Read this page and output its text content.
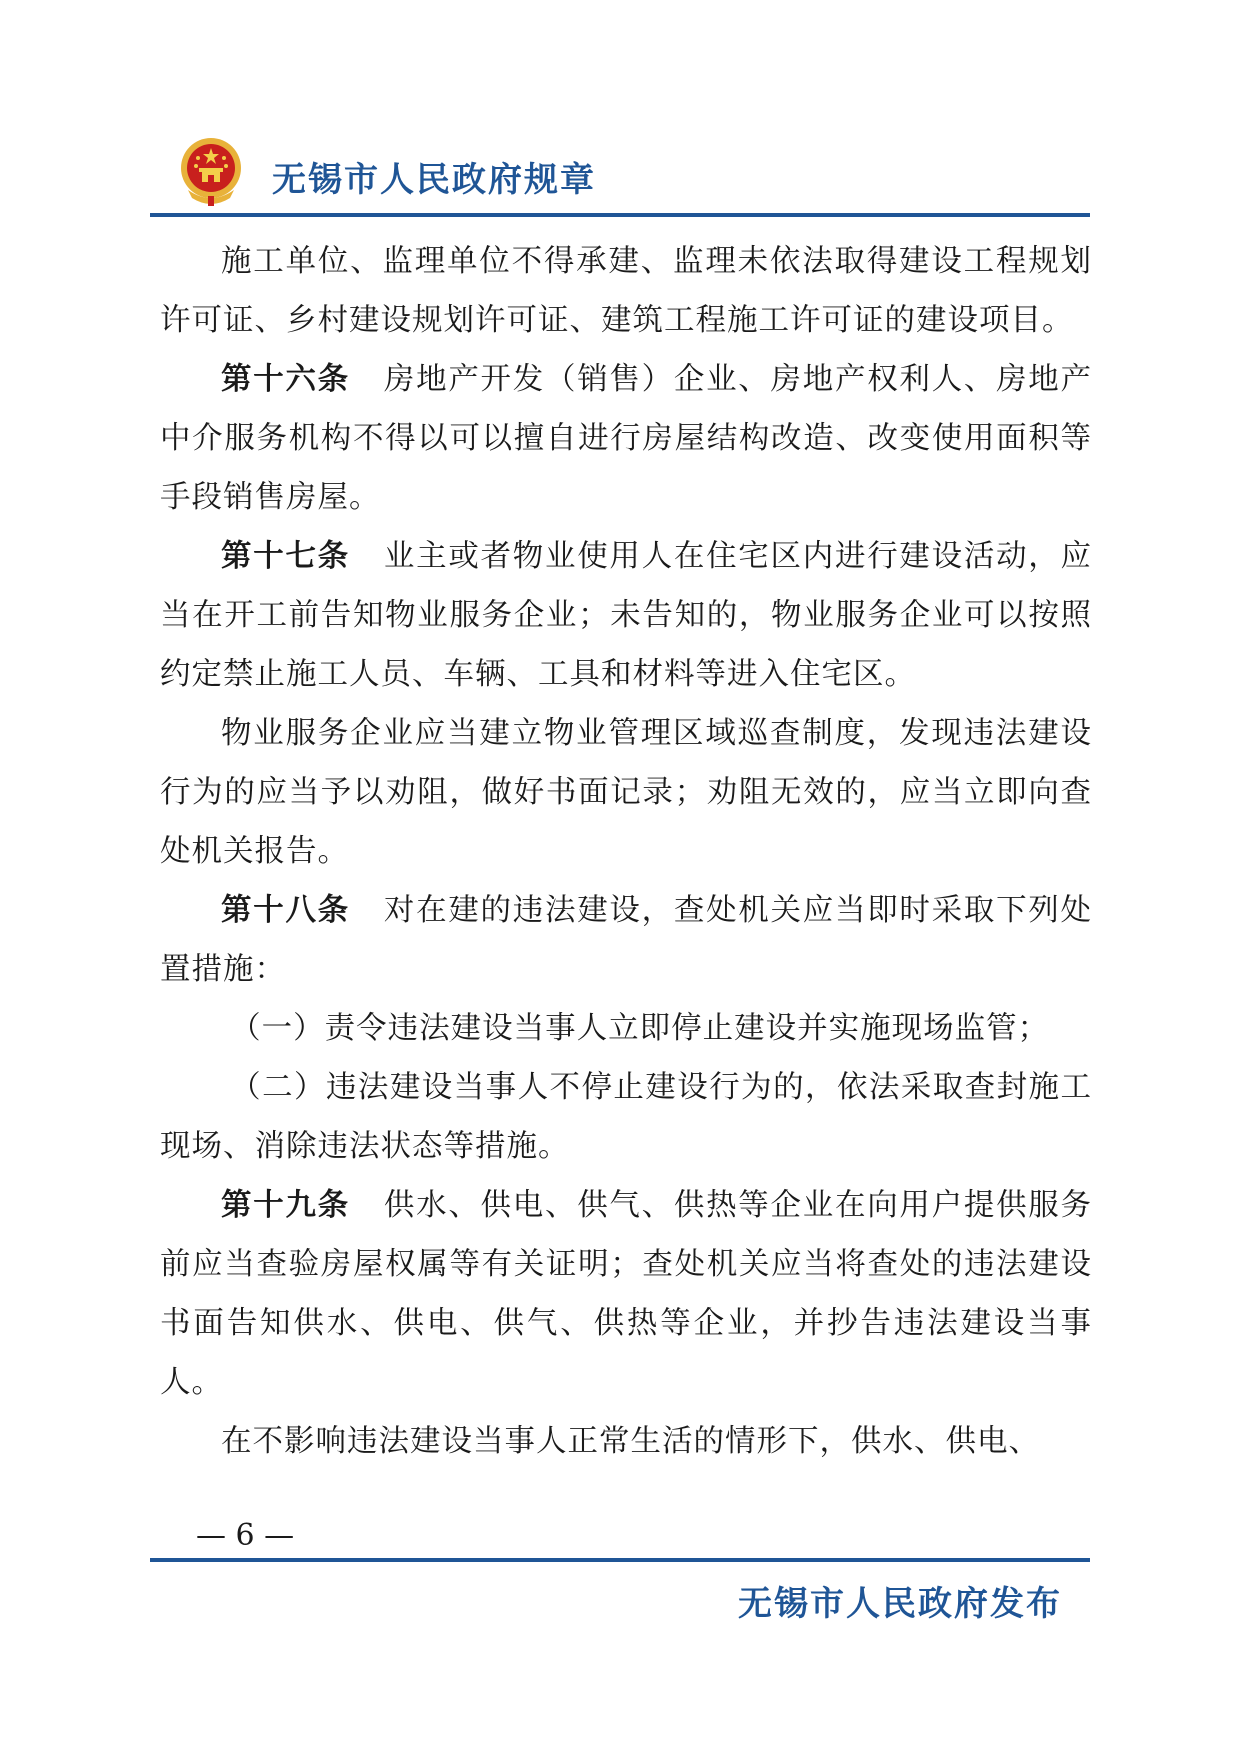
无锡市人民政府规章

施工单位、监理单位不得承建、监理未依法取得建设工程规划许可证、乡村建设规划许可证、建筑工程施工许可证的建设项目。

第十六条 房地产开发（销售）企业、房地产权利人、房地产中介服务机构不得以可以擅自进行房屋结构改造、改变使用面积等手段销售房屋。

第十七条 业主或者物业使用人在住宅区内进行建设活动，应当在开工前告知物业服务企业；未告知的，物业服务企业可以按照约定禁止施工人员、车辆、工具和材料等进入住宅区。

物业服务企业应当建立物业管理区域巡查制度，发现违法建设行为的应当予以劝阻，做好书面记录；劝阻无效的，应当立即向查处机关报告。

第十八条 对在建的违法建设，查处机关应当即时采取下列处置措施：

（一）责令违法建设当事人立即停止建设并实施现场监管；

（二）违法建设当事人不停止建设行为的，依法采取查封施工现场、消除违法状态等措施。

第十九条 供水、供电、供气、供热等企业在向用户提供服务前应当查验房屋权属等有关证明；查处机关应当将查处的违法建设书面告知供水、供电、供气、供热等企业，并抄告违法建设当事人。

在不影响违法建设当事人正常生活的情形下，供水、供电、

— 6 —
无锡市人民政府发布
